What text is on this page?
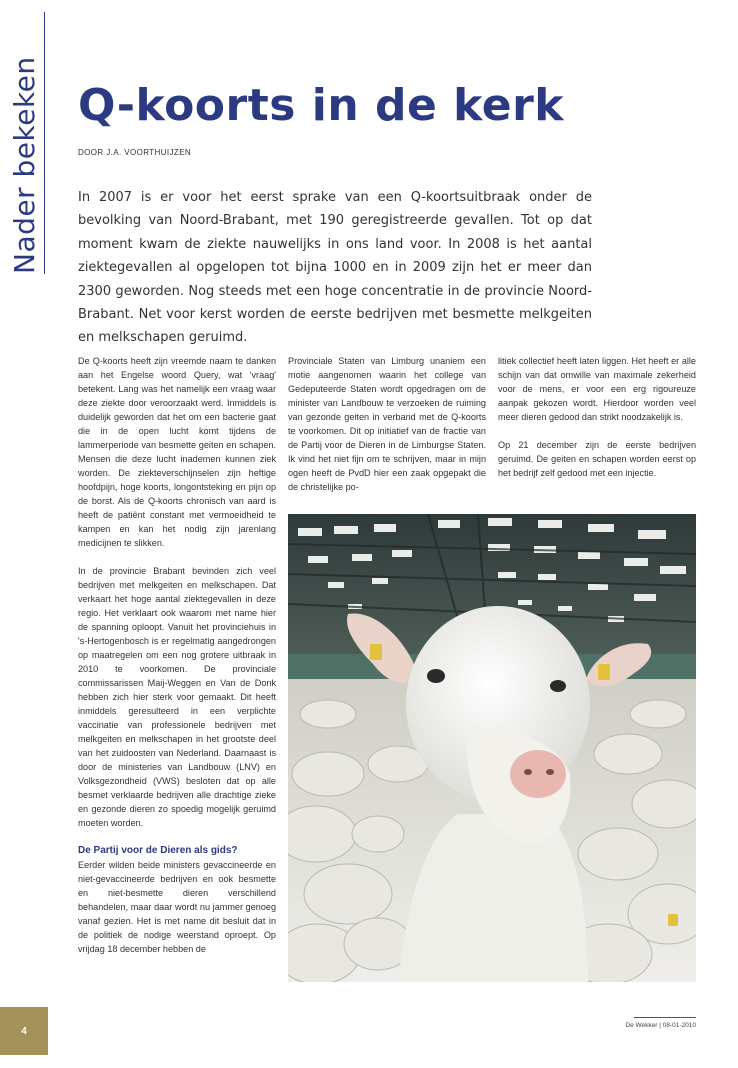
Nader bekeken Q-koorts in de kerk
DOOR J.A. VOORTHUIJZEN

In 2007 is er voor het eerst sprake van een Q-koortsuitbraak onder de bevolking van Noord-Brabant, met 190 geregistreerde gevallen. Tot op dat moment kwam de ziekte nauwelijks in ons land voor. In 2008 is het aantal ziektegevallen al opgelopen tot bijna 1000 en in 2009 zijn het er meer dan 2300 geworden. Nog steeds met een hoge concentratie in de provincie Noord-Brabant. Net voor kerst worden de eerste bedrijven met besmette melkgeiten en melkschapen geruimd.

De Q-koorts heeft zijn vreemde naam te danken aan het Engelse woord Query, wat 'vraag' betekent. Lang was het namelijk een vraag waar deze ziekte door veroorzaakt werd. Inmiddels is duidelijk geworden dat het om een bacterie gaat die in de open lucht komt tijdens de lammerperiode van besmette geiten en schapen. Mensen die deze lucht inademen kunnen ziek worden. De ziekteverschijnselen zijn heftige hoofdpijn, hoge koorts, longontsteking en pijn op de borst. Als de Q-koorts chronisch van aard is heeft de patiënt constant met vermoeidheid te kampen en kan het nodig zijn jarenlang medicijnen te slikken.

In de provincie Brabant bevinden zich veel bedrijven met melkgeiten en melkschapen. Dat verkaart het hoge aantal ziektegevallen in deze regio. Het verklaart ook waarom met name hier de spanning oploopt. Vanuit het provinciehuis in 's-Hertogenbosch is er regelmatig aangedrongen op maatregelen om een nog grotere uitbraak in 2010 te voorkomen. De provinciale commissarissen Maij-Weggen en Van de Donk hebben zich hier sterk voor gemaakt. Dit heeft inmiddels geresulteerd in een verplichte vaccinatie van professionele bedrijven met melkgeiten en melkschapen in het grootste deel van het zuidoosten van Nederland. Daarnaast is door de ministeries van Landbouw (LNV) en Volksgezondheid (VWS) besloten dat op alle besmet verklaarde bedrijven alle drachtige zieke en gezonde dieren zo spoedig mogelijk geruimd moeten worden.

De Partij voor de Dieren als gids?

Eerder wilden beide ministers gevaccineerde en niet-gevaccineerde bedrijven en ook besmette en niet-besmette dieren verschillend behandelen, maar daar wordt nu jammer genoeg vanaf gezien. Het is met name dit besluit dat in de politiek de nodige weerstand oproept. Op vrijdag 18 december hebben de

Provinciale Staten van Limburg unaniem een motie aangenomen waarin het college van Gedeputeerde Staten wordt opgedragen om de minister van Landbouw te verzoeken de ruiming van gezonde geiten in verband met de Q-koorts te voorkomen. Dit op initiatief van de fractie van de Partij voor de Dieren in de Limburgse Staten. Ik vind het niet fijn om te schrijven, maar in mijn ogen heeft de PvdD hier een zaak opgepakt die de christelijke po-

litiek collectief heeft laten liggen. Het heeft er alle schijn van dat omwille van maximale zekerheid voor de mens, er voor een erg rigoureuze aanpak gekozen wordt. Hierdoor worden veel meer dieren gedood dan strikt noodzakelijk is.

Op 21 december zijn de eerste bedrijven geruimd. De geiten en schapen worden eerst op het bedrijf zelf gedood met een injectie.

4	De Wekker | 08-01-2010
